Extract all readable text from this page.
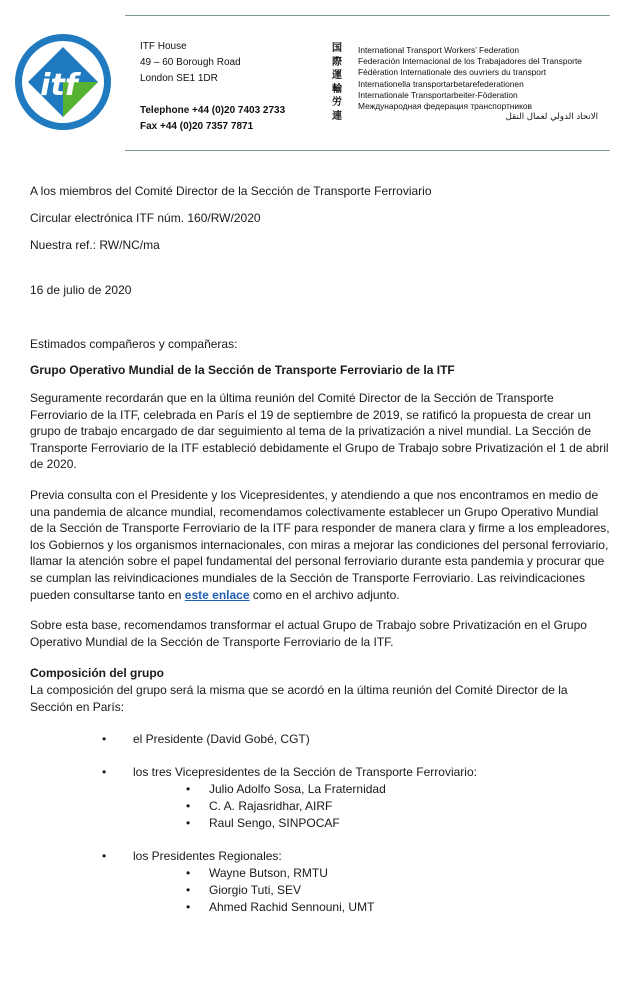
itf
ITF House
49 – 60 Borough Road
London SE1 1DR
Telephone +44 (0)20 7403 2733
Fax +44 (0)20 7357 7871
国
際
運
輸
労
連
International Transport Workers’ Federation
Federación Internacional de los Trabajadores del Transporte
Fédération Internationale des ouvriers du transport
Internationella transportarbetarefederationen
Internationale Transportarbeiter-Föderation
Международная федерация транспортников
الاتحاد الدولي لعمال النقل
A los miembros del Comité Director de la Sección de Transporte Ferroviario
Circular electrónica ITF núm. 160/RW/2020
Nuestra ref.: RW/NC/ma
16 de julio de 2020
Estimados compañeros y compañeras:
Grupo Operativo Mundial de la Sección de Transporte Ferroviario de la ITF
Seguramente recordarán que en la última reunión del Comité Director de la Sección de Transporte Ferroviario de la ITF, celebrada en París el 19 de septiembre de 2019, se ratificó la propuesta de crear un grupo de trabajo encargado de dar seguimiento al tema de la privatización a nivel mundial. La Sección de Transporte Ferroviario de la ITF estableció debidamente el Grupo de Trabajo sobre Privatización el 1 de abril de 2020.
Previa consulta con el Presidente y los Vicepresidentes, y atendiendo a que nos encontramos en medio de una pandemia de alcance mundial, recomendamos colectivamente establecer un Grupo Operativo Mundial de la Sección de Transporte Ferroviario de la ITF para responder de manera clara y firme a los empleadores, los Gobiernos y los organismos internacionales, con miras a mejorar las condiciones del personal ferroviario, llamar la atención sobre el papel fundamental del personal ferroviario durante esta pandemia y procurar que se cumplan las reivindicaciones mundiales de la Sección de Transporte Ferroviario. Las reivindicaciones pueden consultarse tanto en este enlace como en el archivo adjunto.
Sobre esta base, recomendamos transformar el actual Grupo de Trabajo sobre Privatización en el Grupo Operativo Mundial de la Sección de Transporte Ferroviario de la ITF.
Composición del grupo
La composición del grupo será la misma que se acordó en la última reunión del Comité Director de la Sección en París:
• el Presidente (David Gobé, CGT)
• los tres Vicepresidentes de la Sección de Transporte Ferroviario:
• Julio Adolfo Sosa, La Fraternidad
• C. A. Rajasridhar, AIRF
• Raul Sengo, SINPOCAF
• los Presidentes Regionales:
• Wayne Butson, RMTU
• Giorgio Tuti, SEV
• Ahmed Rachid Sennouni, UMT
